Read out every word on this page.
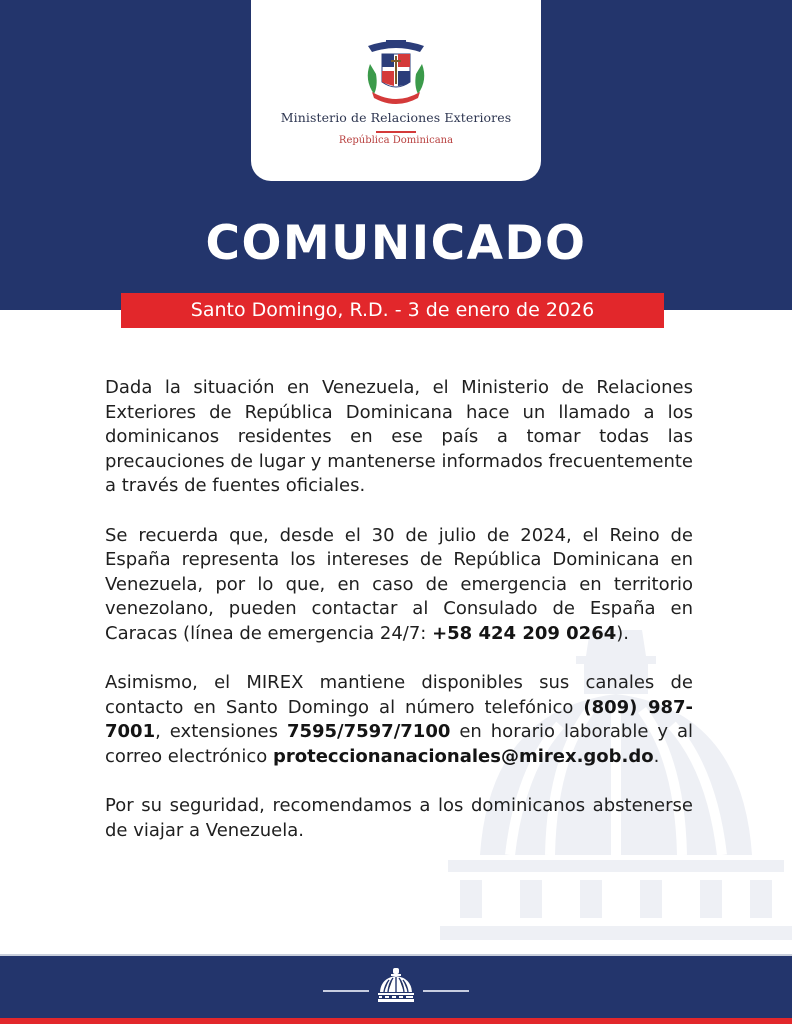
Ministerio de Relaciones Exteriores
República Dominicana
COMUNICADO
Santo Domingo, R.D. - 3 de enero de 2026

Dada la situación en Venezuela, el Ministerio de Relaciones Exteriores de República Dominicana hace un llamado a los dominicanos residentes en ese país a tomar todas las precauciones de lugar y mantenerse informados frecuentemente a través de fuentes oficiales.

Se recuerda que, desde el 30 de julio de 2024, el Reino de España representa los intereses de República Dominicana en Venezuela, por lo que, en caso de emergencia en territorio venezolano, pueden contactar al Consulado de España en Caracas (línea de emergencia 24/7: +58 424 209 0264).

Asimismo, el MIREX mantiene disponibles sus canales de contacto en Santo Domingo al número telefónico (809) 987-7001, extensiones 7595/7597/7100 en horario laborable y al correo electrónico proteccionanacionales@mirex.gob.do.

Por su seguridad, recomendamos a los dominicanos abstenerse de viajar a Venezuela.
